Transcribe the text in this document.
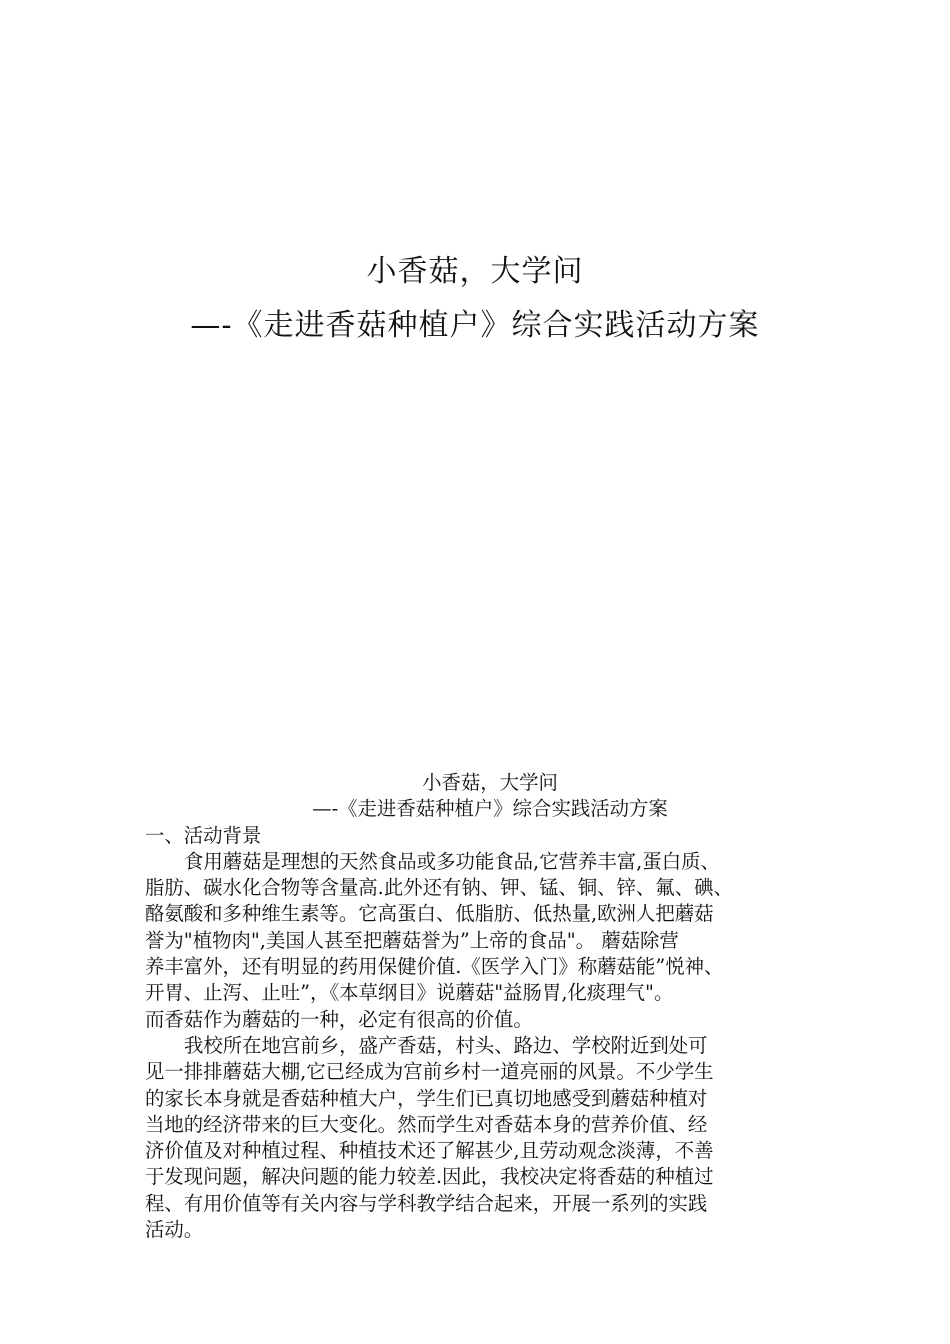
小香菇，大学问
—-《走进香菇种植户》综合实践活动方案
小香菇，大学问
—-《走进香菇种植户》综合实践活动方案
一、活动背景
食用蘑菇是理想的天然食品或多功能食品,它营养丰富,蛋白质、
脂肪、碳水化合物等含量高.此外还有钠、钾、锰、铜、锌、氟、碘、
酪氨酸和多种维生素等。它高蛋白、低脂肪、低热量,欧洲人把蘑菇
誉为"植物肉",美国人甚至把蘑菇誉为”上帝的食品"。 蘑菇除营
养丰富外，还有明显的药用保健价值.《医学入门》称蘑菇能”悦神、
开胃、止泻、止吐”，《本草纲目》说蘑菇"益肠胃,化痰理气"。
而香菇作为蘑菇的一种，必定有很高的价值。
我校所在地宫前乡，盛产香菇，村头、路边、学校附近到处可
见一排排蘑菇大棚,它已经成为宫前乡村一道亮丽的风景。不少学生
的家长本身就是香菇种植大户，学生们已真切地感受到蘑菇种植对
当地的经济带来的巨大变化。然而学生对香菇本身的营养价值、经
济价值及对种植过程、种植技术还了解甚少,且劳动观念淡薄，不善
于发现问题，解决问题的能力较差.因此，我校决定将香菇的种植过
程、有用价值等有关内容与学科教学结合起来，开展一系列的实践
活动。
